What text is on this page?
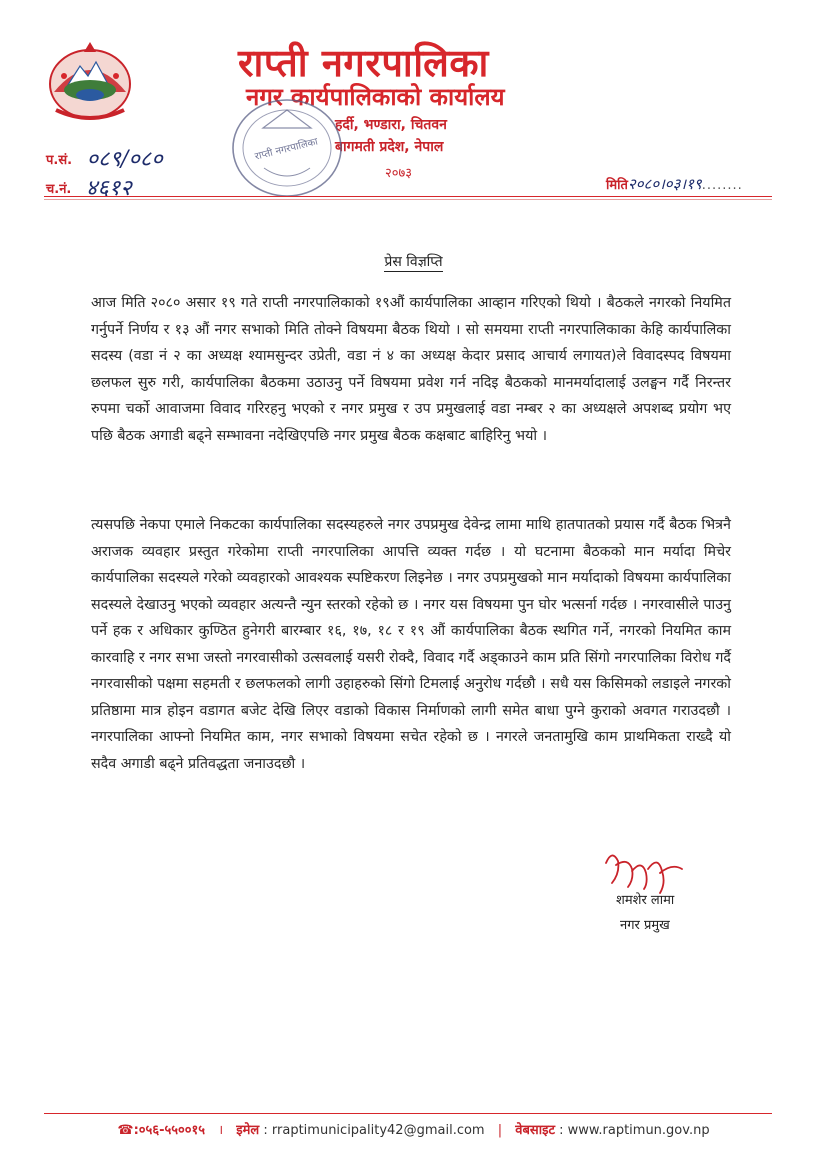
राप्ती नगरपालिका
नगर कार्यपालिकाको कार्यालय
हर्दी, भण्डारा, चितवन
बागमती प्रदेश, नेपाल
२०७३
राप्ती नगरपालिका
प.सं. ०८९/०८०
च.नं. ४६१२	मिति२०८०।०३।१९........
प्रेस विज्ञप्ति
आज मिति २०८० असार १९ गते राप्ती नगरपालिकाको १९औं कार्यपालिका आव्हान गरिएको थियो । बैठकले नगरको नियमित गर्नुपर्ने निर्णय र १३ औं नगर सभाको मिति तोक्ने विषयमा बैठक थियो । सो समयमा राप्ती नगरपालिकाका केहि कार्यपालिका सदस्य (वडा नं २ का अध्यक्ष श्यामसुन्दर उप्रेती, वडा नं ४ का अध्यक्ष केदार प्रसाद आचार्य लगायत)ले विवादस्पद विषयमा छलफल सुरु गरी, कार्यपालिका बैठकमा उठाउनु पर्ने विषयमा प्रवेश गर्न नदिइ बैठकको मानमर्यादालाई उलङ्घन गर्दै निरन्तर रुपमा चर्को आवाजमा विवाद गरिरहनु भएको र नगर प्रमुख र उप प्रमुखलाई वडा नम्बर २ का अध्यक्षले अपशब्द प्रयोग भए पछि बैठक अगाडी बढ्ने सम्भावना नदेखिएपछि नगर प्रमुख बैठक कक्षबाट बाहिरिनु भयो ।
त्यसपछि नेकपा एमाले निकटका कार्यपालिका सदस्यहरुले नगर उपप्रमुख देवेन्द्र लामा माथि हातपातको प्रयास गर्दै बैठक भित्रनै अराजक व्यवहार प्रस्तुत गरेकोमा राप्ती नगरपालिका आपत्ति व्यक्त गर्दछ । यो घटनामा बैठकको मान मर्यादा मिचेर कार्यपालिका सदस्यले गरेको व्यवहारको आवश्यक स्पष्टिकरण लिइनेछ । नगर उपप्रमुखको मान मर्यादाको विषयमा कार्यपालिका सदस्यले देखाउनु भएको व्यवहार अत्यन्तै न्युन स्तरको रहेको छ । नगर यस विषयमा पुन घोर भत्सर्ना गर्दछ । नगरवासीले पाउनु पर्ने हक र अधिकार कुण्ठित हुनेगरी बारम्बार १६, १७, १८ र १९ औं कार्यपालिका बैठक स्थगित गर्ने, नगरको नियमित काम कारवाहि र नगर सभा जस्तो नगरवासीको उत्सवलाई यसरी रोक्दै, विवाद गर्दै अड्काउने काम प्रति सिंगो नगरपालिका विरोध गर्दै नगरवासीको पक्षमा सहमती र छलफलको लागी उहाहरुको सिंगो टिमलाई अनुरोध गर्दछौ । सधै यस किसिमको लडाइले नगरको प्रतिष्ठामा मात्र होइन वडागत बजेट देखि लिएर वडाको विकास निर्माणको लागी समेत बाधा पुग्ने कुराको अवगत गराउदछौ । नगरपालिका आफ्नो नियमित काम, नगर सभाको विषयमा सचेत रहेको छ । नगरले जनतामुखि काम प्राथमिकता राख्दै यो सदैव अगाडी बढ्ने प्रतिवद्धता जनाउदछौ ।
शमशेर लामा
नगर प्रमुख
☎:०५६-५५००१५ । इमेल : rraptimunicipality42@gmail.com | वेबसाइट : www.raptimun.gov.np
